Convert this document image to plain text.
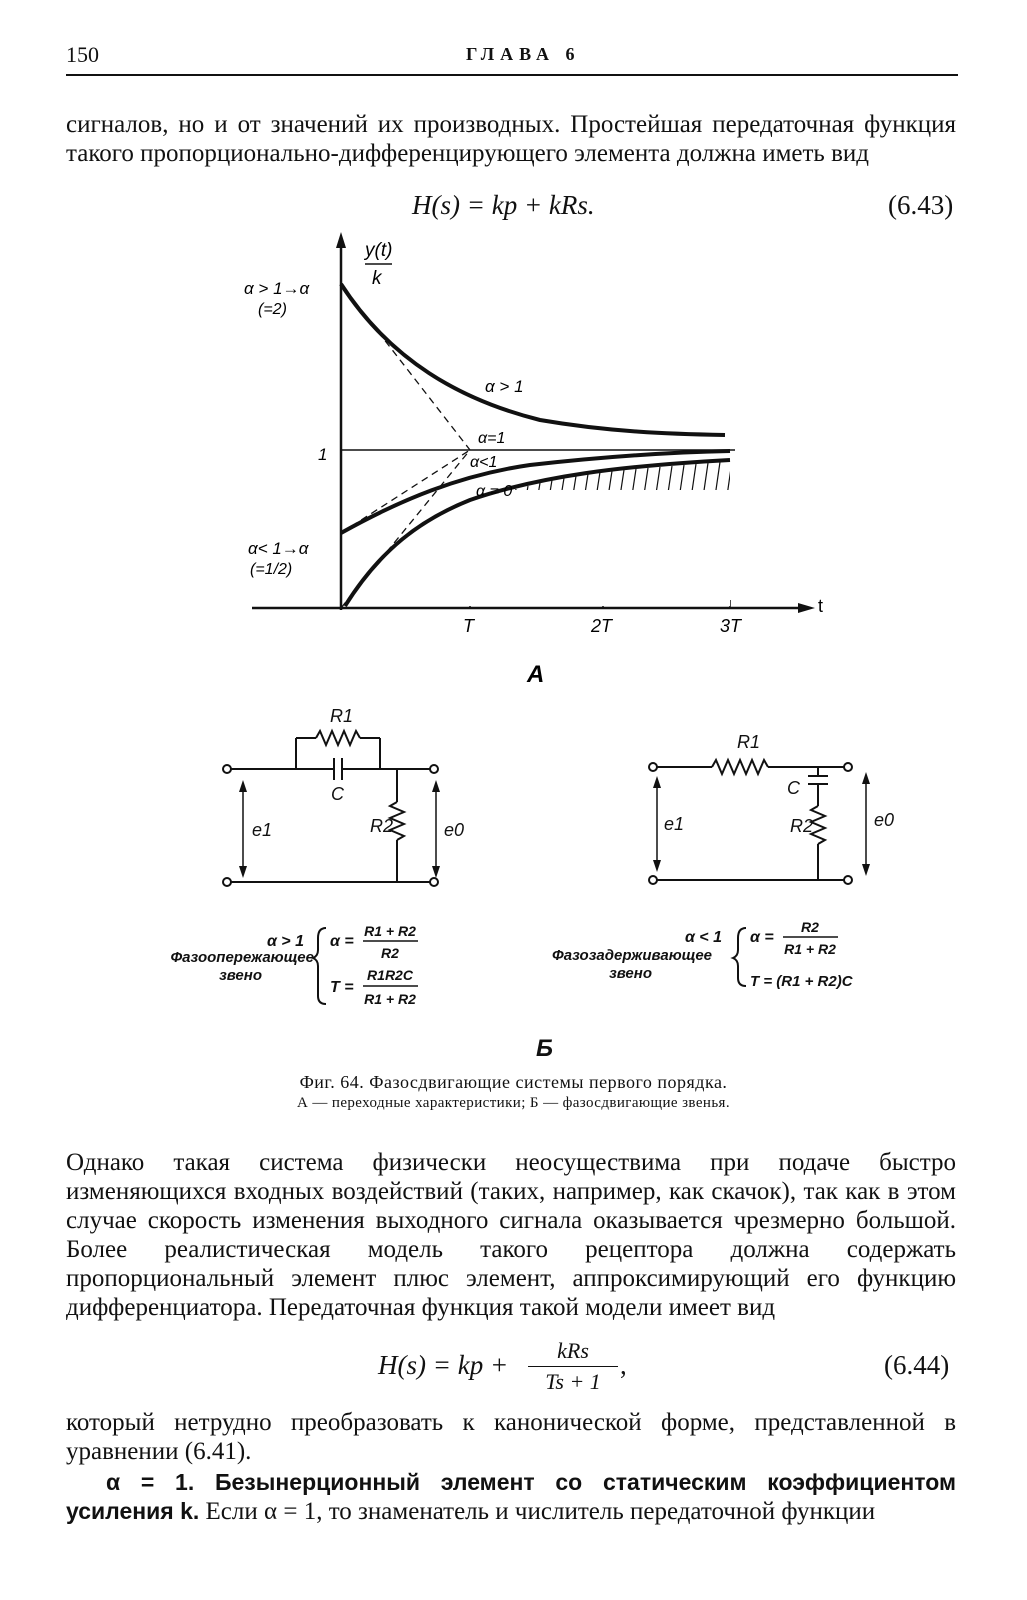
150	ГЛАВА 6
сигналов, но и от значений их производных. Простейшая передаточная функция такого пропорционально-дифференцирующего элемента должна иметь вид
H(s) = kp + kRs.	(6.43)
y(t)
k
α > 1→α
(=2)
α< 1→α
(=1/2)
1
α > 1
α=1
α<1
α = 0
T	2T	3T
t
А
R1
C
R2
e1	e0
R1
C
R2
e1	e0
α > 1
Фазоопережающее
звено
α =
R1 + R2
R2
T =
R1R2C
R1 + R2
α < 1
Фазозадерживающее
звено
α =
R2
R1 + R2
T = (R1 + R2)C
Б
Фиг. 64. Фазосдвигающие системы первого порядка.
А — переходные характеристики; Б — фазосдвигающие звенья.
Однако такая система физически неосуществима при подаче быстро изменяющихся входных воздействий (таких, например, как скачок), так как в этом случае скорость изменения выходного сигнала оказывается чрезмерно большой. Более реалистическая модель такого рецептора должна содержать пропорциональный элемент плюс элемент, аппроксимирующий его функцию дифференциатора. Передаточная функция такой модели имеет вид
H(s) = kp +	kRs
Ts + 1
,	(6.44)
который нетрудно преобразовать к канонической форме, представленной в уравнении (6.41).
α = 1. Безынерционный элемент со статическим коэффициентом усиления k. Если α = 1, то знаменатель и числитель передаточной функции
